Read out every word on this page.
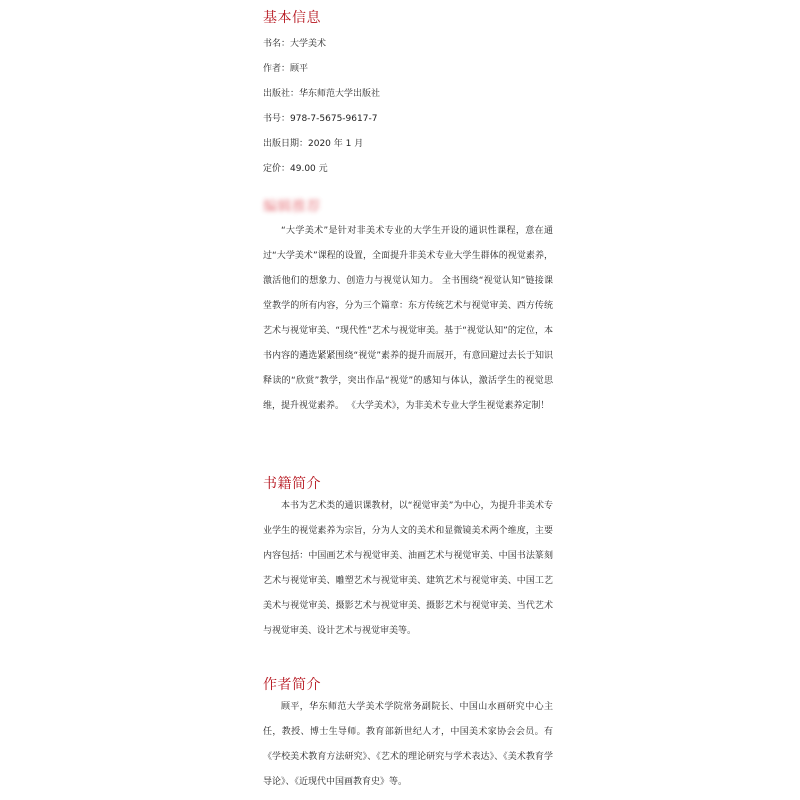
基本信息
书名：大学美术
作者：顾平
出版社：华东师范大学出版社
书号：978-7-5675-9617-7
出版日期：2020 年 1 月
定价：49.00 元
编辑推荐

“大学美术”是针对非美术专业的大学生开设的通识性课程，意在通过“大学美术”课程的设置，全面提升非美术专业大学生群体的视觉素养，激活他们的想象力、创造力与视觉认知力。 全书围绕“视觉认知”链接课堂教学的所有内容，分为三个篇章：东方传统艺术与视觉审美、西方传统艺术与视觉审美、“现代性”艺术与视觉审美。基于“视觉认知”的定位，本书内容的遴选紧紧围绕“视觉”素养的提升而展开，有意回避过去长于知识释读的“欣赏”教学，突出作品“视觉”的感知与体认，激活学生的视觉思维，提升视觉素养。 《大学美术》，为非美术专业大学生视觉素养定制！

书籍简介

本书为艺术类的通识课教材，以“视觉审美”为中心，为提升非美术专业学生的视觉素养为宗旨，分为人文的美术和显微镜美术两个维度，主要内容包括：中国画艺术与视觉审美、油画艺术与视觉审美、中国书法篆刻艺术与视觉审美、雕塑艺术与视觉审美、建筑艺术与视觉审美、中国工艺美术与视觉审美、摄影艺术与视觉审美、摄影艺术与视觉审美、当代艺术与视觉审美、设计艺术与视觉审美等。

作者简介

顾平，华东师范大学美术学院常务副院长、中国山水画研究中心主任，教授、博士生导师。教育部新世纪人才，中国美术家协会会员。有《学校美术教育方法研究》、《艺术的理论研究与学术表达》、《美术教育学导论》、《近现代中国画教育史》等。
